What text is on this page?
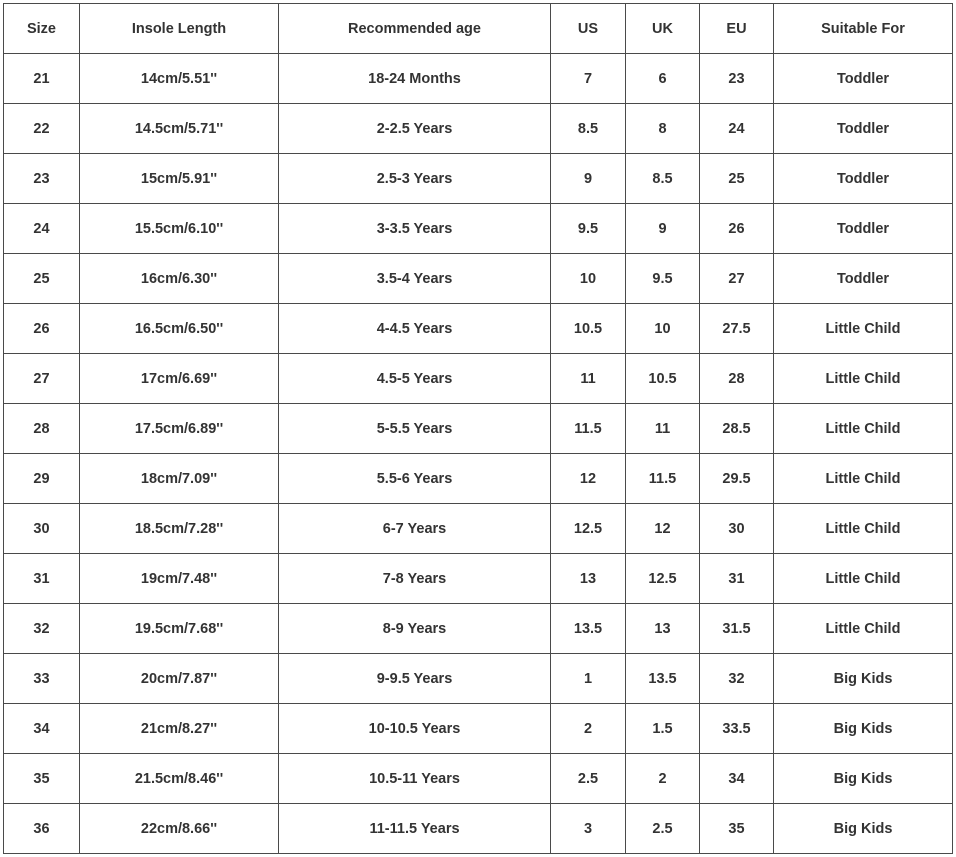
Size	Insole Length	Recommended age	US	UK	EU	Suitable For
21	14cm/5.51''	18-24 Months	7	6	23	Toddler
22	14.5cm/5.71''	2-2.5 Years	8.5	8	24	Toddler
23	15cm/5.91''	2.5-3 Years	9	8.5	25	Toddler
24	15.5cm/6.10''	3-3.5 Years	9.5	9	26	Toddler
25	16cm/6.30''	3.5-4 Years	10	9.5	27	Toddler
26	16.5cm/6.50''	4-4.5 Years	10.5	10	27.5	Little Child
27	17cm/6.69''	4.5-5 Years	11	10.5	28	Little Child
28	17.5cm/6.89''	5-5.5 Years	11.5	11	28.5	Little Child
29	18cm/7.09''	5.5-6 Years	12	11.5	29.5	Little Child
30	18.5cm/7.28''	6-7 Years	12.5	12	30	Little Child
31	19cm/7.48''	7-8 Years	13	12.5	31	Little Child
32	19.5cm/7.68''	8-9 Years	13.5	13	31.5	Little Child
33	20cm/7.87''	9-9.5 Years	1	13.5	32	Big Kids
34	21cm/8.27''	10-10.5 Years	2	1.5	33.5	Big Kids
35	21.5cm/8.46''	10.5-11 Years	2.5	2	34	Big Kids
36	22cm/8.66''	11-11.5 Years	3	2.5	35	Big Kids
